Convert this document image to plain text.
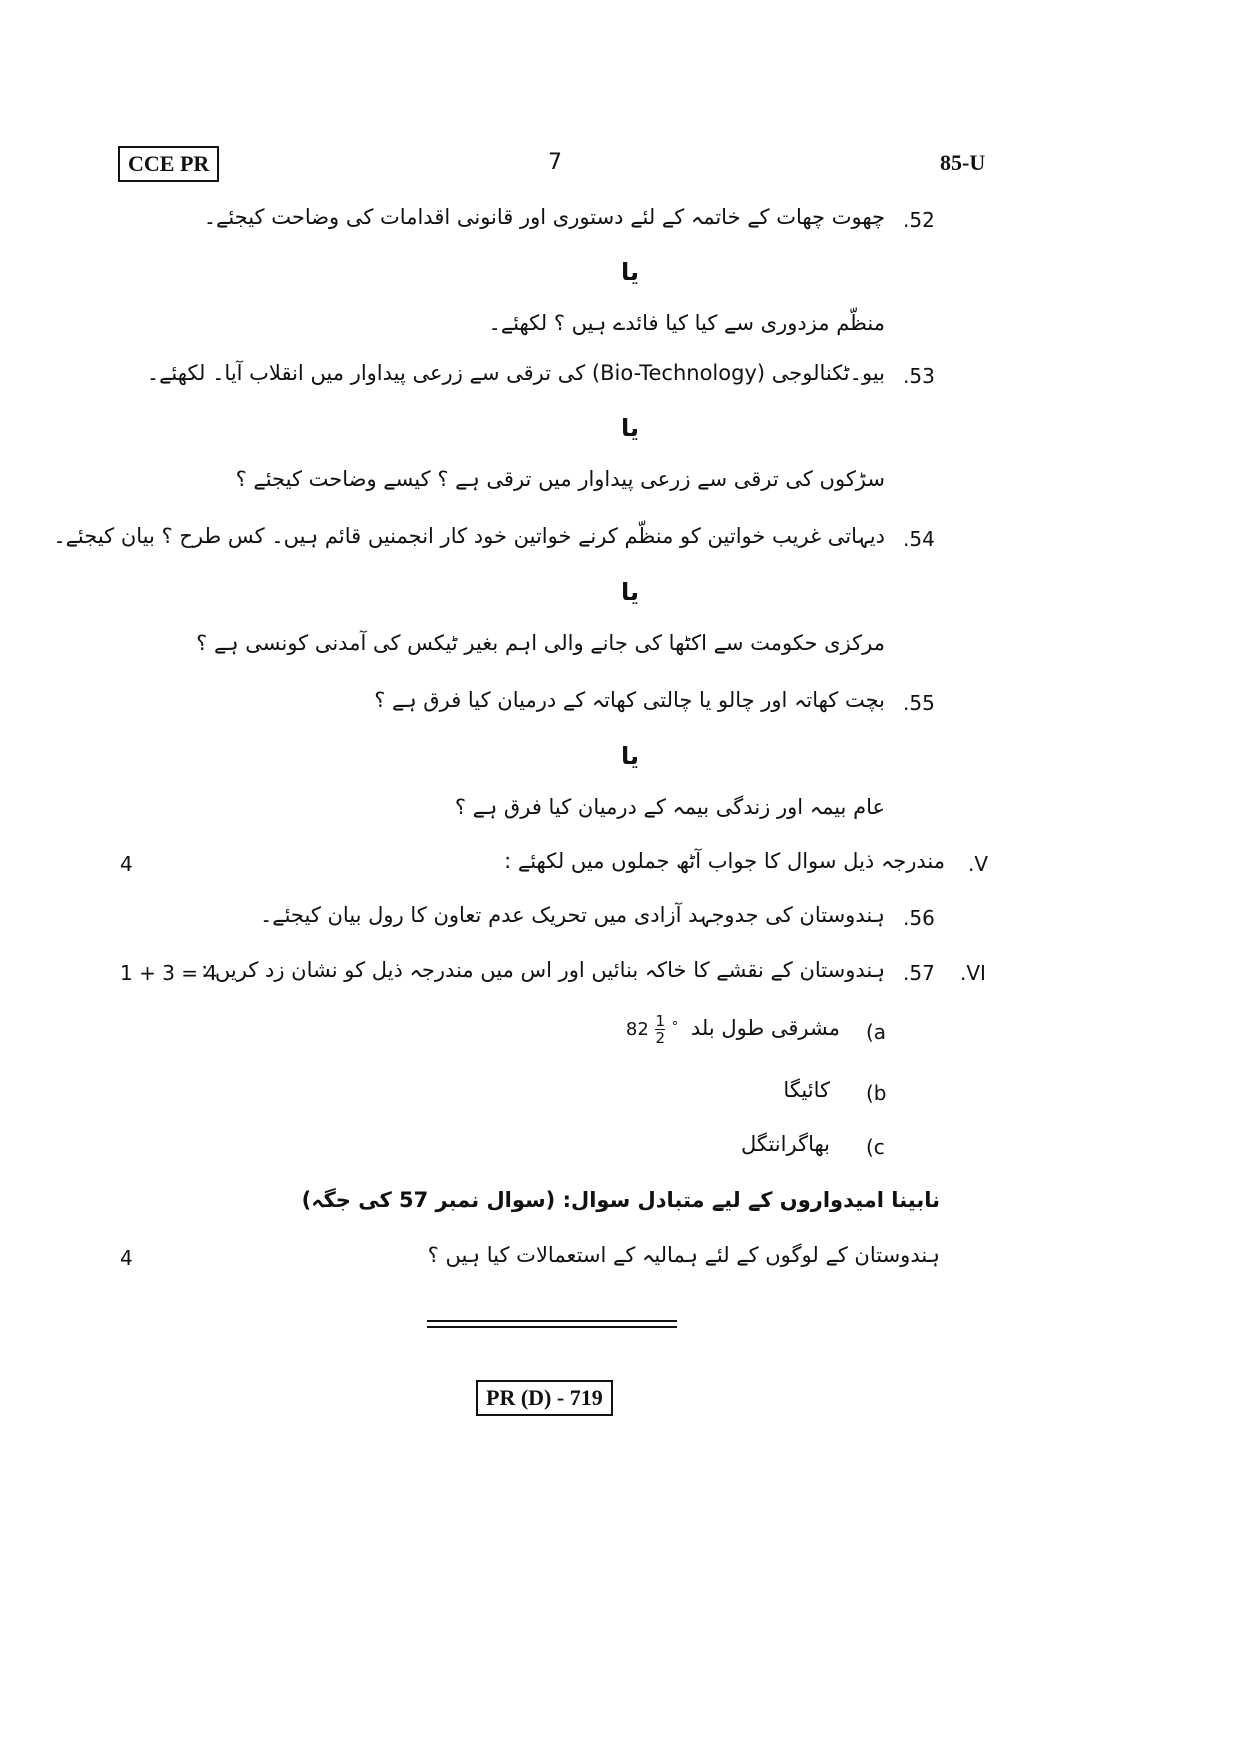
CCE PR	7	85-U
.52
چھوت چھات کے خاتمہ کے لئے دستوری اور قانونی اقدامات کی وضاحت کیجئے۔
یا
منظّم مزدوری سے کیا کیا فائدے ہیں ؟ لکھئے۔
.53
بیو۔ٹکنالوجی (Bio-Technology) کی ترقی سے زرعی پیداوار میں انقلاب آیا۔ لکھئے۔
یا
سڑکوں کی ترقی سے زرعی پیداوار میں ترقی ہے ؟ کیسے وضاحت کیجئے ؟
.54
دیہاتی غریب خواتین کو منظّم کرنے خواتین خود کار انجمنیں قائم ہیں۔ کس طرح ؟ بیان کیجئے۔
یا
مرکزی حکومت سے اکٹھا کی جانے والی اہم بغیر ٹیکس کی آمدنی کونسی ہے ؟
.55
بچت کھاتہ اور چالو یا چالتی کھاتہ کے درمیان کیا فرق ہے ؟
یا
عام بیمہ اور زندگی بیمہ کے درمیان کیا فرق ہے ؟
4	.V
مندرجہ ذیل سوال کا جواب آٹھ جملوں میں لکھئے :
.56
ہندوستان کی جدوجہد آزادی میں تحریک عدم تعاون کا رول بیان کیجئے۔
1 + 3 = 4	.VI
.57
ہندوستان کے نقشے کا خاکہ بنائیں اور اس میں مندرجہ ذیل کو نشان زد کریں :
(a
مشرقی طول بلد $82 \frac{1}{2} ^\circ$
(b
کائیگا
(c
بھاگرانتگل
نابینا امیدواروں کے لیے متبادل سوال: (سوال نمبر 57 کی جگہ)
4	ہندوستان کے لوگوں کے لئے ہمالیہ کے استعمالات کیا ہیں ؟
PR (D) - 719
